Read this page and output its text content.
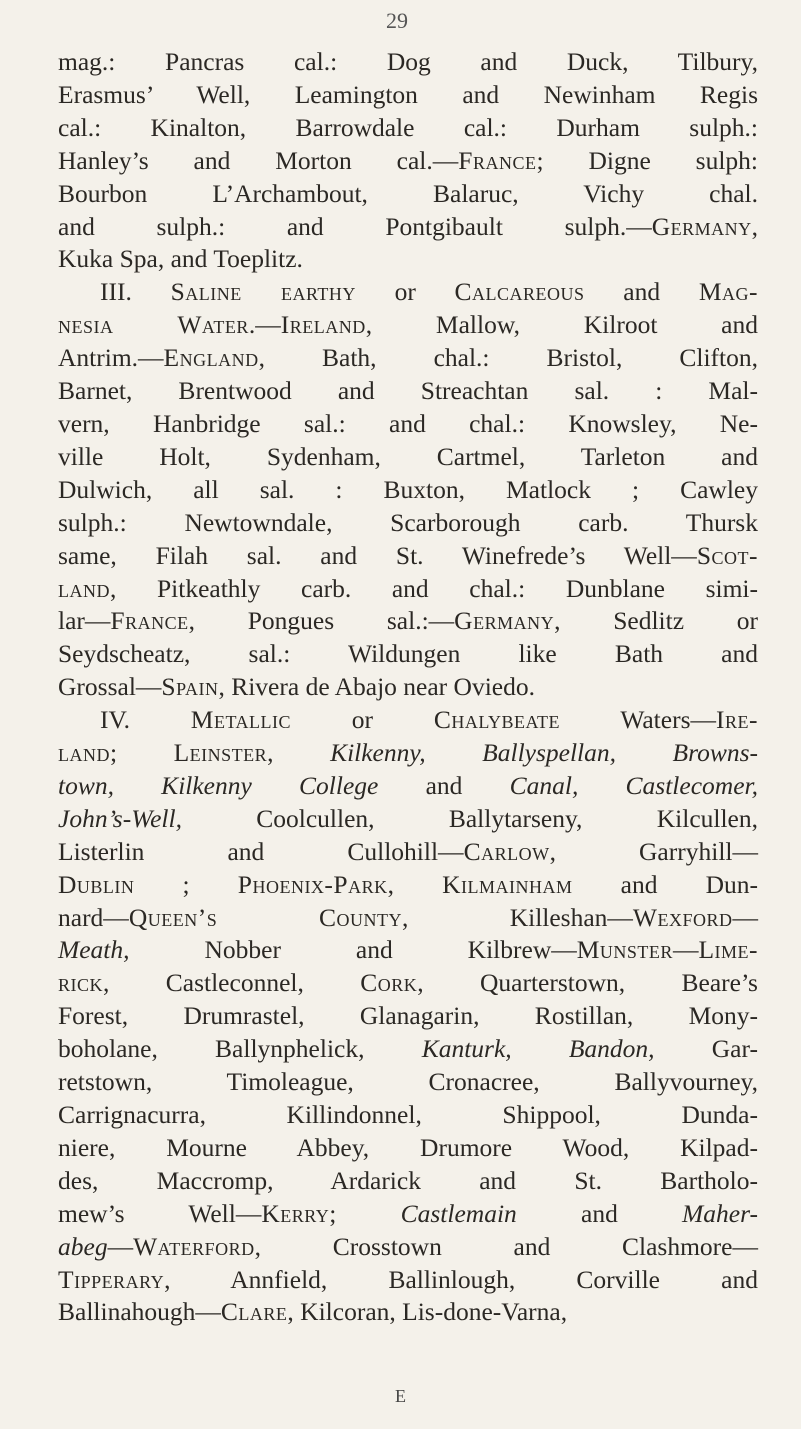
29
mag.: Pancras cal.: Dog and Duck, Tilbury,
Erasmus’ Well, Leamington and Newinham Regis
cal.: Kinalton, Barrowdale cal.: Durham sulph.:
Hanley’s and Morton cal.—France; Digne sulph:
Bourbon L’Archambout, Balaruc, Vichy chal.
and sulph.: and Pontgibault sulph.—Germany,
Kuka Spa, and Toeplitz.
III. Saline earthy or Calcareous and Mag-
nesia Water.—Ireland, Mallow, Kilroot and
Antrim.—England, Bath, chal.: Bristol, Clifton,
Barnet, Brentwood and Streachtan sal. : Mal-
vern, Hanbridge sal.: and chal.: Knowsley, Ne-
ville Holt, Sydenham, Cartmel, Tarleton and
Dulwich, all sal. : Buxton, Matlock ; Cawley
sulph.: Newtowndale, Scarborough carb. Thursk
same, Filah sal. and St. Winefrede’s Well—Scot-
land, Pitkeathly carb. and chal.: Dunblane simi-
lar—France, Pongues sal.:—Germany, Sedlitz or
Seydscheatz, sal.: Wildungen like Bath and
Grossal—Spain, Rivera de Abajo near Oviedo.
IV. Metallic or Chalybeate Waters—Ire-
land; Leinster, Kilkenny, Ballyspellan, Browns-
town, Kilkenny College and Canal, Castlecomer,
John’s-Well, Coolcullen, Ballytarseny, Kilcullen,
Listerlin and Cullohill—Carlow, Garryhill—
Dublin ; Phoenix-Park, Kilmainham and Dun-
nard—Queen’s County, Killeshan—Wexford—
Meath, Nobber and Kilbrew—Munster—Lime-
rick, Castleconnel, Cork, Quarterstown, Beare’s
Forest, Drumrastel, Glanagarin, Rostillan, Mony-
boholane, Ballynphelick, Kanturk, Bandon, Gar-
retstown, Timoleague, Cronacree, Ballyvourney,
Carrignacurra, Killindonnel, Shippool, Dunda-
niere, Mourne Abbey, Drumore Wood, Kilpad-
des, Maccromp, Ardarick and St. Bartholo-
mew’s Well—Kerry; Castlemain and Maher-
abeg—Waterford, Crosstown and Clashmore—
Tipperary, Annfield, Ballinlough, Corville and
Ballinahough—Clare, Kilcoran, Lis-done-Varna,
E
